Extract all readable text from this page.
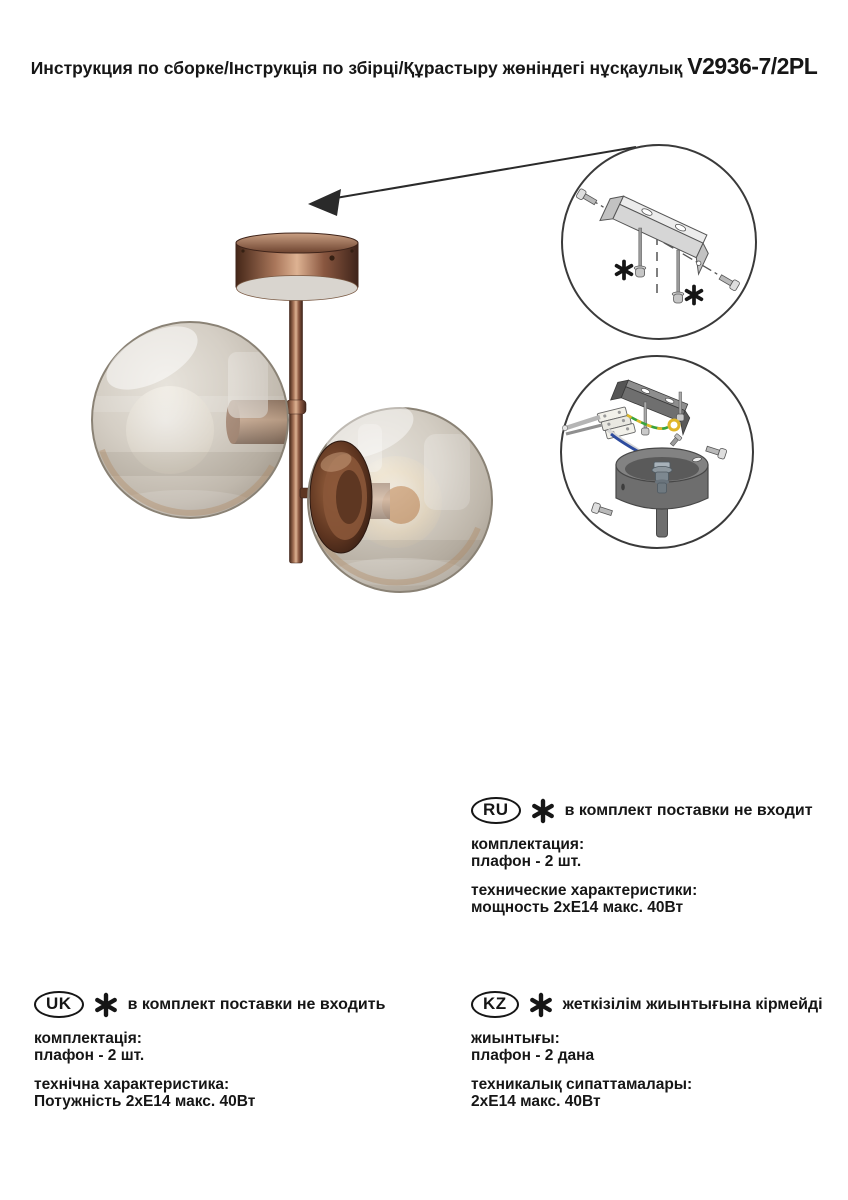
Инструкция по сборке/Інструкція по збірці/Құрастыру жөніндегі нұсқаулық V2936-7/2PL
RU	в комплект поставки не входит
комплектация:
плафон - 2 шт.
технические характеристики:
мощность 2хЕ14 макс. 40Вт
UK	в комплект поставки не входить
комплектація:
плафон - 2 шт.
технічна характеристика:
Потужність 2хЕ14 макс. 40Вт
KZ	жеткізілім жиынтығына кірмейді
жиынтығы:
плафон - 2 дана
техникалық сипаттамалары:
2хЕ14 макс. 40Вт
